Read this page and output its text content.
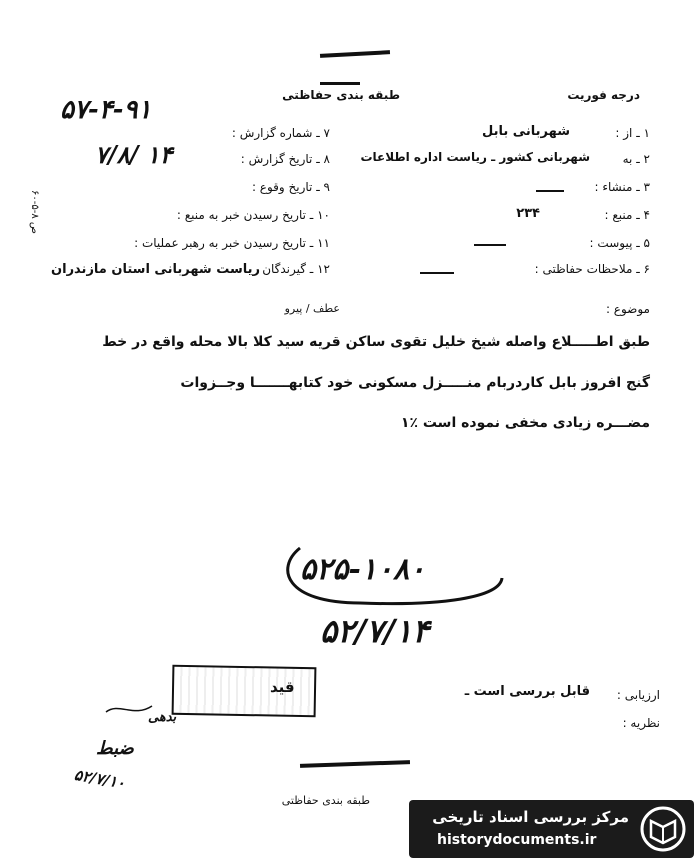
طبقه بندی حفاظتی	درجه فوریت
۵۷-۴-۹۱
۱۴ /۷/۸
۶۰-۵-۸ ص
۱ ـ از :
شهربانی بابل
۲ ـ به
شهربانی کشور ـ ریاست اداره اطلاعات
۳ ـ منشاء :
۴ ـ منبع :
۲۳۴
۵ ـ پیوست :
۶ ـ ملاحظات حفاظتی :
۷ ـ شماره گزارش :
۸ ـ تاریخ گزارش :
۹ ـ تاریخ وقوع :
۱۰ ـ تاریخ رسیدن خبر به منبع :
۱۱ ـ تاریخ رسیدن خبر به رهبر عملیات :
۱۲ ـ گیرندگان
ریاست شهربانی استان مازندران
موضوع :
عطف / پیرو
طبق اطـــــلاع واصله شیخ خلیل تقوی ساکن قریه سید کلا بالا محله واقع در خط
گنج افروز بابل کاردربام منـــــزل مسکونی خود کتابهـــــــا وجــزوات
مضـــره زیادی مخفی نموده است ٪۱
۵۲۵-۱۰۸۰
۵۲/۷/۱۴
قید
بدهی
ضبط
۵۲/۷/۱۰
ارزیابی :
قابل بررسی است ـ
نظریه :
طبقه بندی حفاظتی
مرکز بررسی اسناد تاریخی
historydocuments.ir
